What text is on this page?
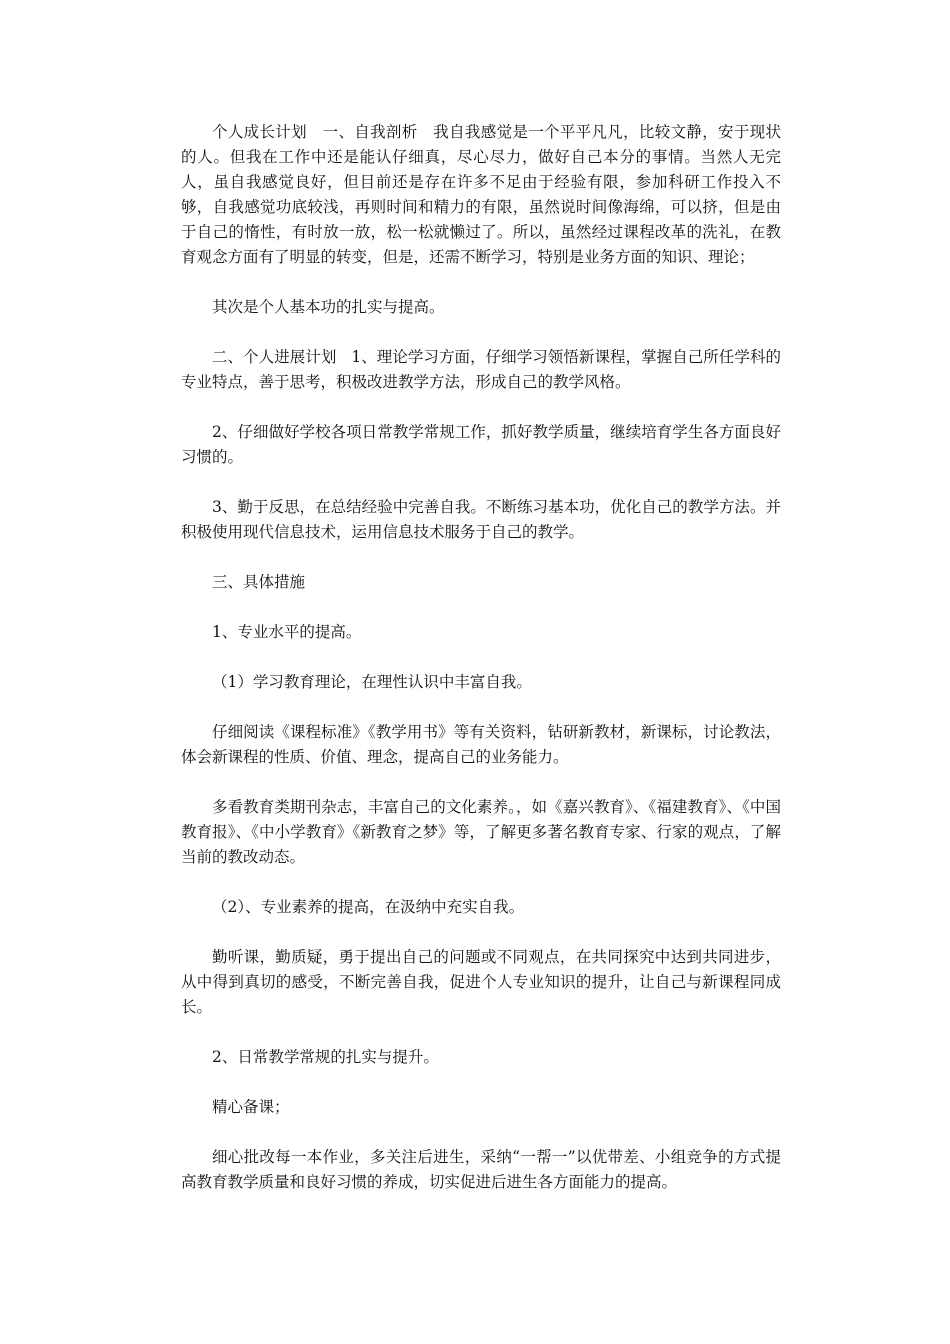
个人成长计划   一、自我剖析   我自我感觉是一个平平凡凡，比较文静，安于现状的人。但我在工作中还是能认仔细真，尽心尽力，做好自己本分的事情。当然人无完人，虽自我感觉良好，但目前还是存在许多不足由于经验有限，参加科研工作投入不够，自我感觉功底较浅，再则时间和精力的有限，虽然说时间像海绵，可以挤，但是由于自己的惰性，有时放一放，松一松就懒过了。所以，虽然经过课程改革的洗礼，在教育观念方面有了明显的转变，但是，还需不断学习，特别是业务方面的知识、理论；

其次是个人基本功的扎实与提高。

二、个人进展计划   1、理论学习方面，仔细学习领悟新课程，掌握自己所任学科的专业特点，善于思考，积极改进教学方法，形成自己的教学风格。

2、仔细做好学校各项日常教学常规工作，抓好教学质量，继续培育学生各方面良好习惯的。

3、勤于反思，在总结经验中完善自我。不断练习基本功，优化自己的教学方法。并积极使用现代信息技术，运用信息技术服务于自己的教学。

三、具体措施

1、专业水平的提高。

（1）学习教育理论，在理性认识中丰富自我。

仔细阅读《课程标准》《教学用书》等有关资料，钻研新教材，新课标，讨论教法，体会新课程的性质、价值、理念，提高自己的业务能力。

多看教育类期刊杂志，丰富自己的文化素养。，如《嘉兴教育》、《福建教育》、《中国教育报》、《中小学教育》《新教育之梦》等，了解更多著名教育专家、行家的观点，了解当前的教改动态。

（2）、专业素养的提高，在汲纳中充实自我。

勤听课，勤质疑，勇于提出自己的问题或不同观点，在共同探究中达到共同进步，从中得到真切的感受，不断完善自我，促进个人专业知识的提升，让自己与新课程同成长。

2、日常教学常规的扎实与提升。

精心备课；

细心批改每一本作业，多关注后进生，采纳“一帮一”以优带差、小组竞争的方式提高教育教学质量和良好习惯的养成，切实促进后进生各方面能力的提高。
